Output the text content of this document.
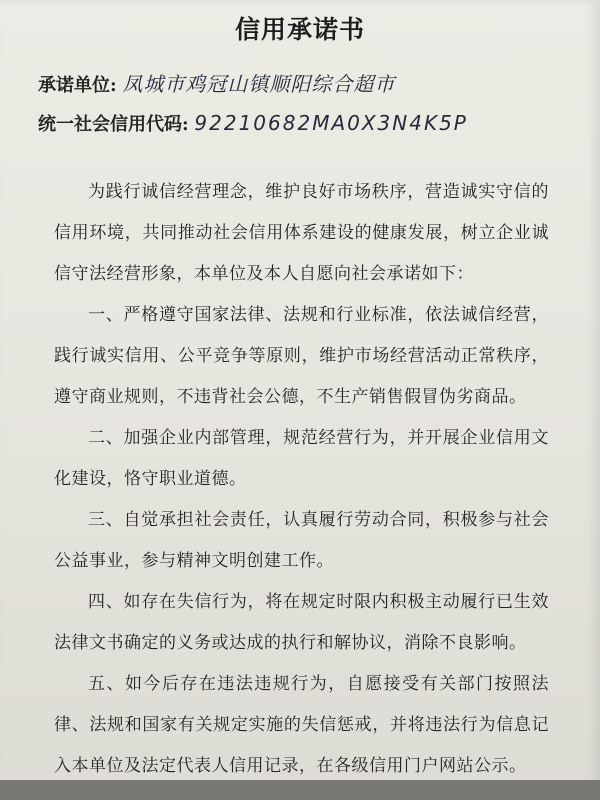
信用承诺书
承诺单位: 凤城市鸡冠山镇顺阳综合超市
统一社会信用代码: 92210682MA0X3N4K5P

为践行诚信经营理念，维护良好市场秩序，营造诚实守信的信用环境，共同推动社会信用体系建设的健康发展，树立企业诚信守法经营形象，本单位及本人自愿向社会承诺如下：

一、严格遵守国家法律、法规和行业标准，依法诚信经营，践行诚实信用、公平竞争等原则，维护市场经营活动正常秩序，遵守商业规则，不违背社会公德，不生产销售假冒伪劣商品。

二、加强企业内部管理，规范经营行为，并开展企业信用文化建设，恪守职业道德。

三、自觉承担社会责任，认真履行劳动合同，积极参与社会公益事业，参与精神文明创建工作。

四、如存在失信行为，将在规定时限内积极主动履行已生效法律文书确定的义务或达成的执行和解协议，消除不良影响。

五、如今后存在违法违规行为，自愿接受有关部门按照法律、法规和国家有关规定实施的失信惩戒，并将违法行为信息记入本单位及法定代表人信用记录，在各级信用门户网站公示。
